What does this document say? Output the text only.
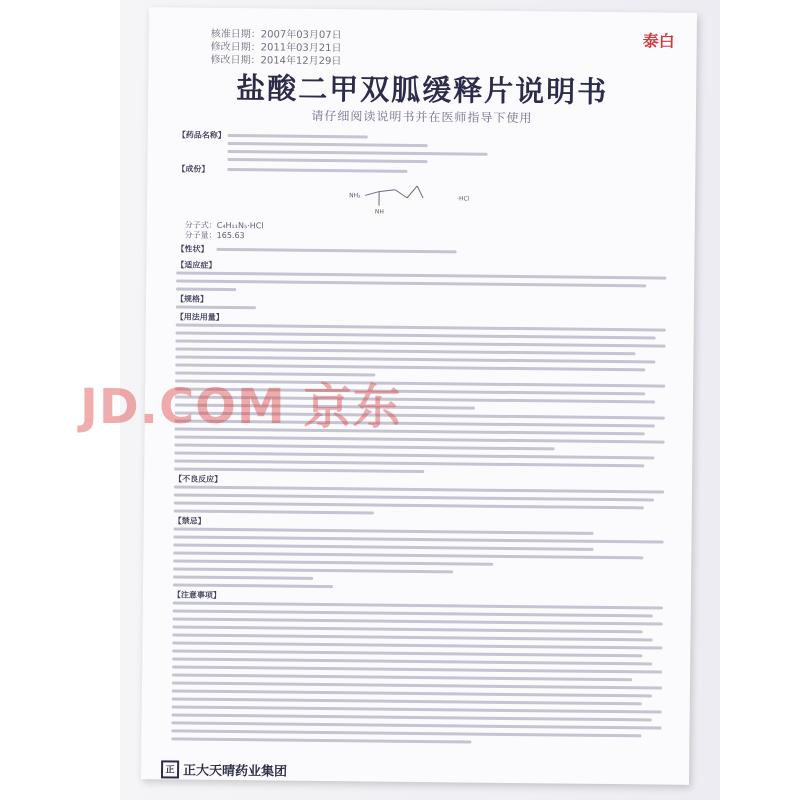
核准日期：2007年03月07日
修改日期：2011年03月21日
修改日期：2014年12月29日
泰白
盐酸二甲双胍缓释片说明书
请仔细阅读说明书并在医师指导下使用
【药品名称】
【成份】
NH₂
NH
·HCl
分子式：C₄H₁₁N₅·HCl
分子量：165.63
【性状】
【适应症】
【规格】
【用法用量】
【不良反应】
【禁忌】
【注意事项】
正 正大天晴药业集团
JD.COM 京东
